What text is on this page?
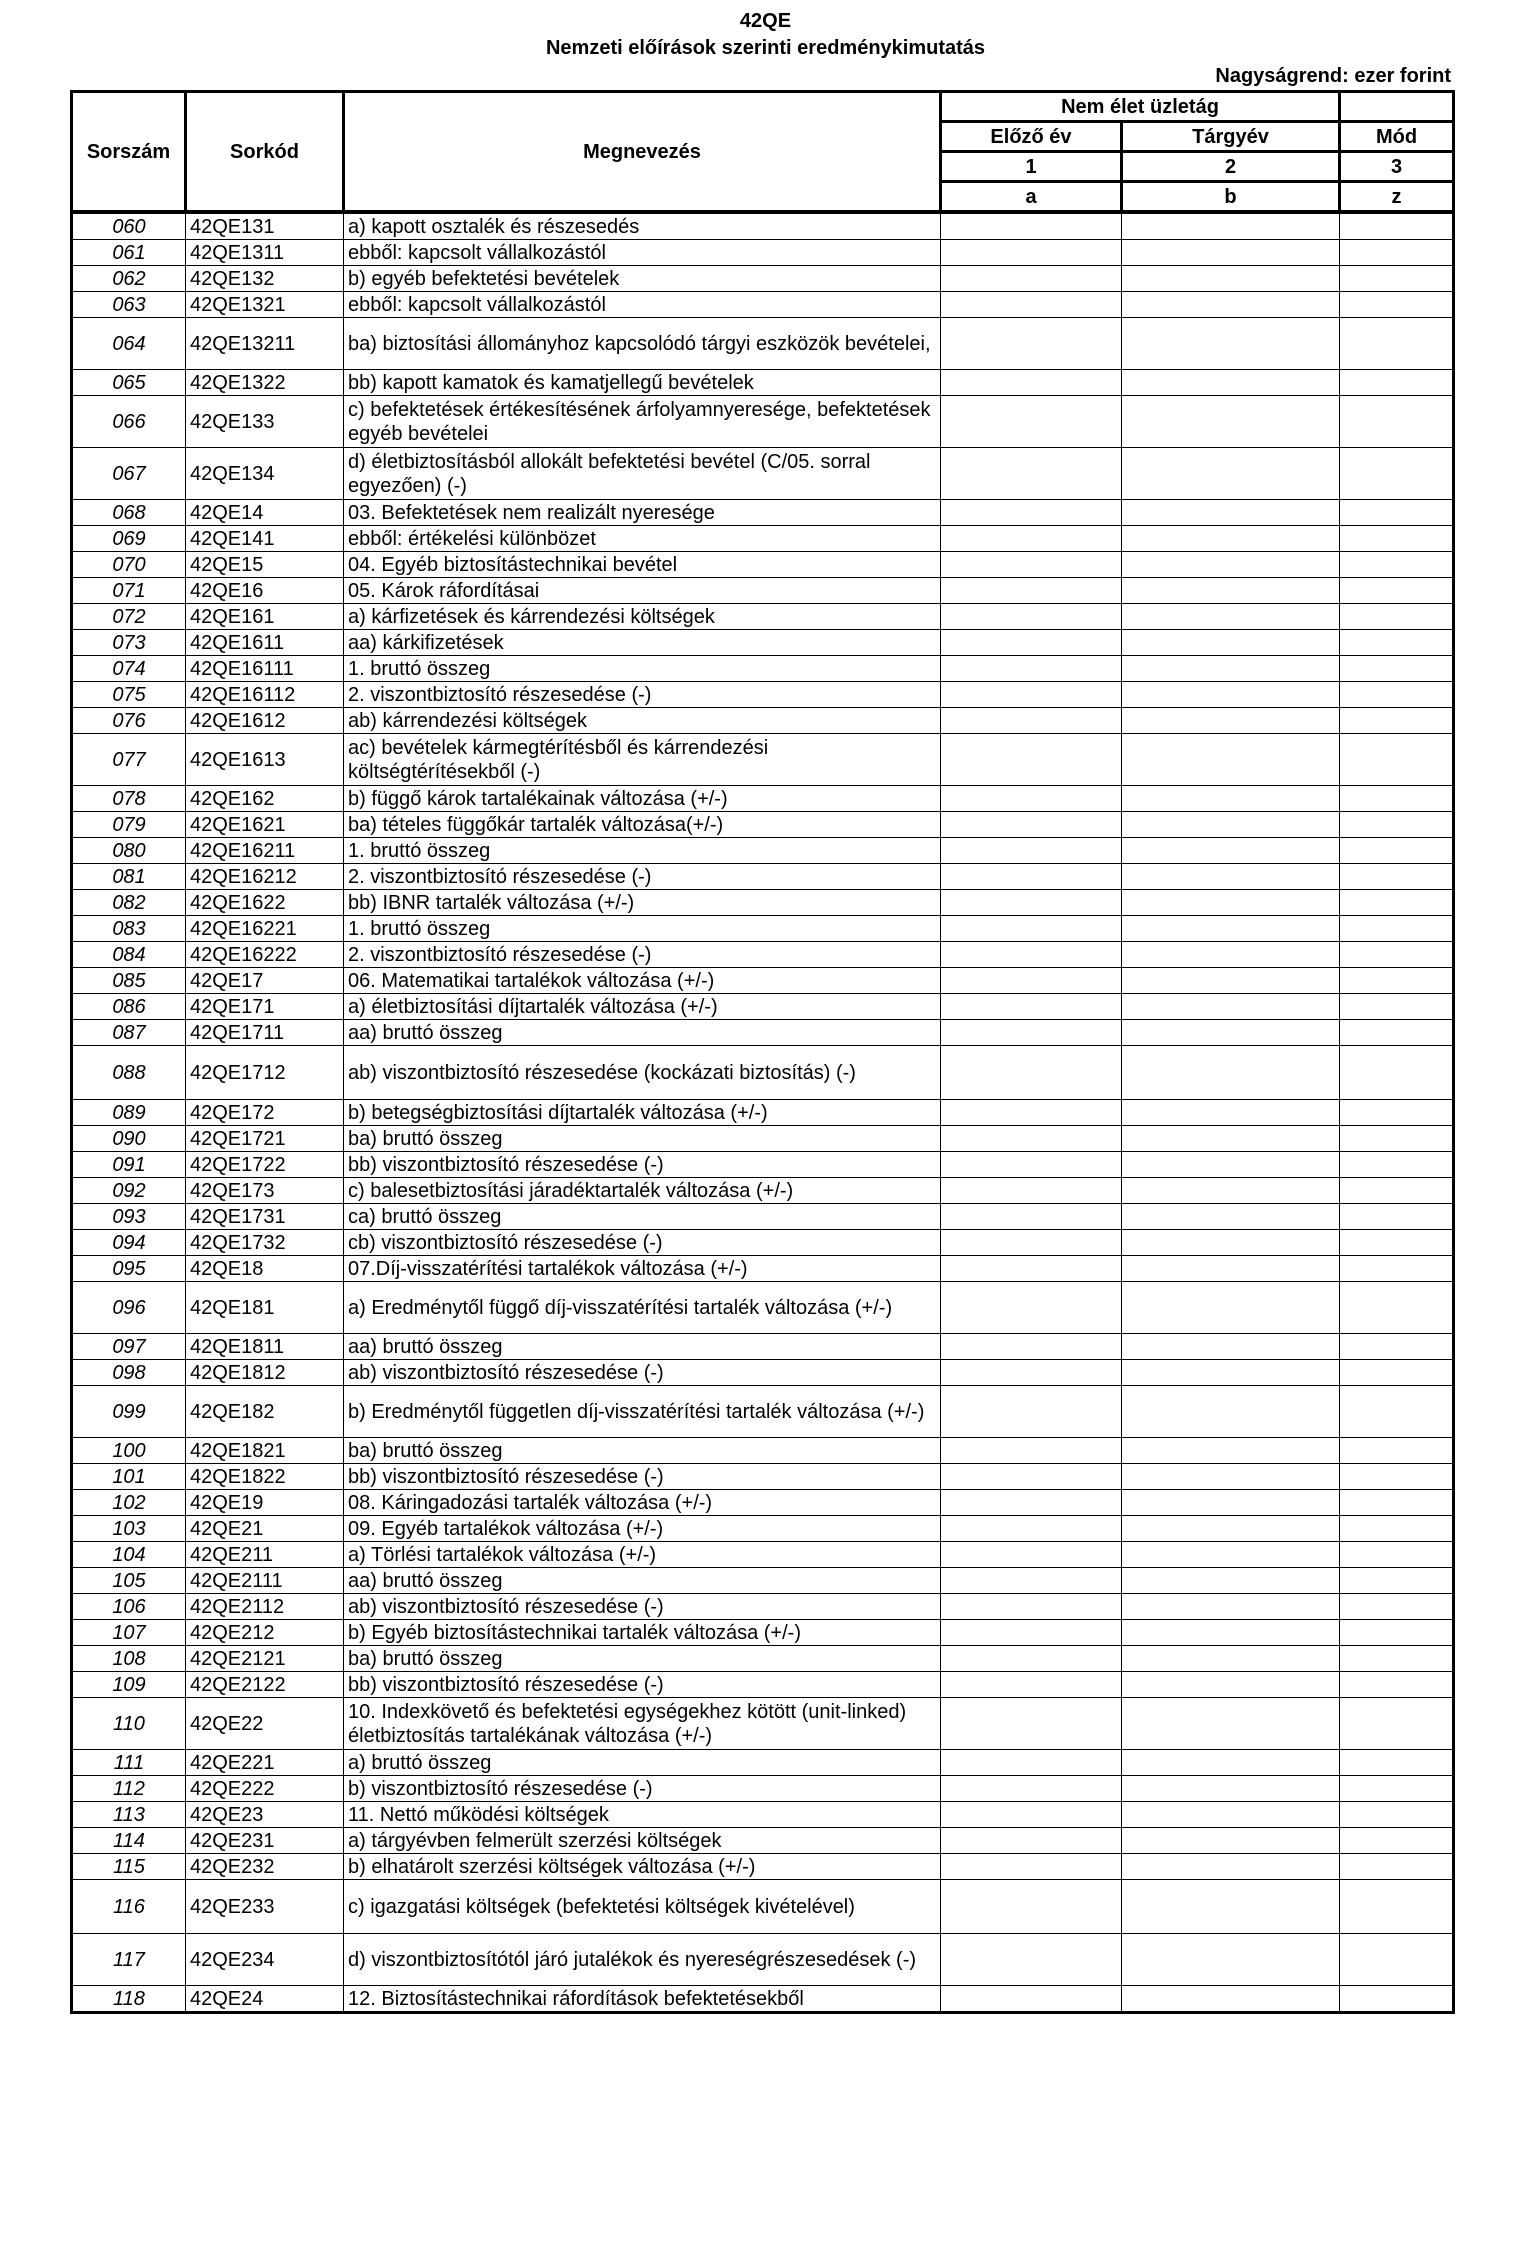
42QE
Nemzeti előírások szerinti eredménykimutatás
Nagyságrend: ezer forint
Sorszám	Sorkód	Megnevezés	Nem élet üzletág		
			Előző év	Tárgyév	Mód
			1	2	3
			a	b	z
060	42QE131	a) kapott osztalék és részesedés			
061	42QE1311	ebből: kapcsolt vállalkozástól			
062	42QE132	b) egyéb befektetési bevételek			
063	42QE1321	ebből: kapcsolt vállalkozástól			
064	42QE13211	ba) biztosítási állományhoz kapcsolódó tárgyi eszközök bevételei,			
065	42QE1322	bb) kapott kamatok és kamatjellegű bevételek			
066	42QE133	c) befektetések értékesítésének árfolyamnyeresége, befektetések egyéb bevételei			
067	42QE134	d) életbiztosításból allokált befektetési bevétel (C/05. sorral egyezően) (-)			
068	42QE14	03. Befektetések nem realizált nyeresége			
069	42QE141	ebből: értékelési különbözet			
070	42QE15	04. Egyéb biztosítástechnikai bevétel			
071	42QE16	05. Károk ráfordításai			
072	42QE161	a) kárfizetések és kárrendezési költségek			
073	42QE1611	aa) kárkifizetések			
074	42QE16111	1. bruttó összeg			
075	42QE16112	2. viszontbiztosító részesedése (-)			
076	42QE1612	ab) kárrendezési költségek			
077	42QE1613	ac) bevételek kármegtérítésből és kárrendezési költségtérítésekből (-)			
078	42QE162	b) függő károk tartalékainak változása (+/-)			
079	42QE1621	ba) tételes függőkár tartalék változása(+/-)			
080	42QE16211	1. bruttó összeg			
081	42QE16212	2. viszontbiztosító részesedése (-)			
082	42QE1622	bb) IBNR tartalék változása (+/-)			
083	42QE16221	1. bruttó összeg			
084	42QE16222	2. viszontbiztosító részesedése (-)			
085	42QE17	06. Matematikai tartalékok változása (+/-)			
086	42QE171	a) életbiztosítási díjtartalék változása (+/-)			
087	42QE1711	aa) bruttó összeg			
088	42QE1712	ab) viszontbiztosító részesedése (kockázati biztosítás) (-)			
089	42QE172	b) betegségbiztosítási díjtartalék változása (+/-)			
090	42QE1721	ba) bruttó összeg			
091	42QE1722	bb) viszontbiztosító részesedése (-)			
092	42QE173	c) balesetbiztosítási járadéktartalék változása (+/-)			
093	42QE1731	ca) bruttó összeg			
094	42QE1732	cb) viszontbiztosító részesedése (-)			
095	42QE18	07.Díj-visszatérítési tartalékok változása (+/-)			
096	42QE181	a) Eredménytől függő díj-visszatérítési tartalék változása (+/-)			
097	42QE1811	aa) bruttó összeg			
098	42QE1812	ab) viszontbiztosító részesedése (-)			
099	42QE182	b) Eredménytől független díj-visszatérítési tartalék változása (+/-)			
100	42QE1821	ba) bruttó összeg			
101	42QE1822	bb) viszontbiztosító részesedése (-)			
102	42QE19	08. Káringadozási tartalék változása (+/-)			
103	42QE21	09. Egyéb tartalékok változása (+/-)			
104	42QE211	a) Törlési tartalékok változása (+/-)			
105	42QE2111	aa) bruttó összeg			
106	42QE2112	ab) viszontbiztosító részesedése (-)			
107	42QE212	b) Egyéb biztosítástechnikai tartalék változása (+/-)			
108	42QE2121	ba) bruttó összeg			
109	42QE2122	bb) viszontbiztosító részesedése (-)			
110	42QE22	10. Indexkövető és befektetési egységekhez kötött (unit-linked) életbiztosítás tartalékának változása (+/-)			
111	42QE221	a) bruttó összeg			
112	42QE222	b) viszontbiztosító részesedése (-)			
113	42QE23	11. Nettó működési költségek			
114	42QE231	a) tárgyévben felmerült szerzési költségek			
115	42QE232	b) elhatárolt szerzési költségek változása (+/-)			
116	42QE233	c) igazgatási költségek (befektetési költségek kivételével)			
117	42QE234	d) viszontbiztosítótól járó jutalékok és nyereségrészesedések (-)			
118	42QE24	12. Biztosítástechnikai ráfordítások befektetésekből			
